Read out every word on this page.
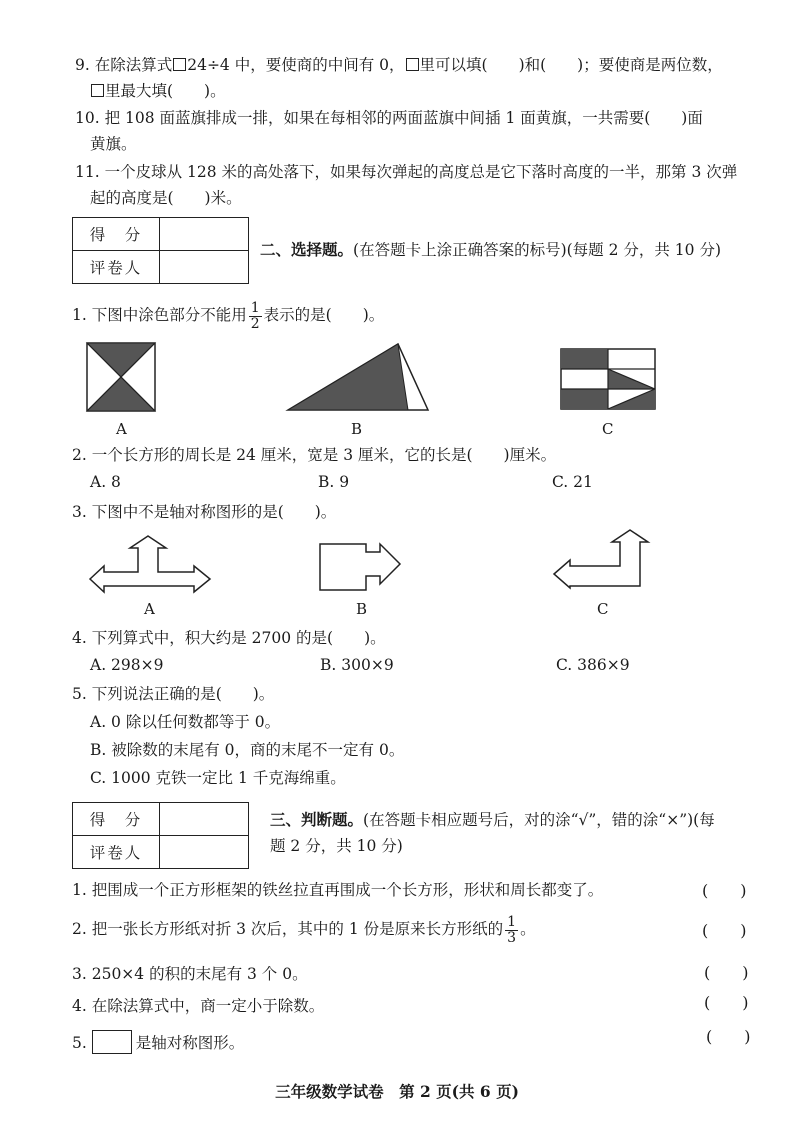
9. 在除法算式 24÷4 中，要使商的中间有 0， 里可以填(　　)和(　　)；要使商是两位数，
里最大填(　　)。
10. 把 108 面蓝旗排成一排，如果在每相邻的两面蓝旗中间插 1 面黄旗，一共需要(　　)面
黄旗。
11. 一个皮球从 128 米的高处落下，如果每次弹起的高度总是它下落时高度的一半，那第 3 次弹
起的高度是(　　)米。
得　分	
评卷人	
二、选择题。(在答题卡上涂正确答案的标号)(每题 2 分，共 10 分)
1. 下图中涂色部分不能用 $\frac{1}{2}$ 表示的是(　　)。
A	B	C
2. 一个长方形的周长是 24 厘米，宽是 3 厘米，它的长是(　　)厘米。
A. 8	B. 9	C. 21
3. 下图中不是轴对称图形的是(　　)。
A	B	C
4. 下列算式中，积大约是 2700 的是(　　)。
A. 298×9	B. 300×9	C. 386×9
5. 下列说法正确的是(　　)。
A. 0 除以任何数都等于 0。
B. 被除数的末尾有 0，商的末尾不一定有 0。
C. 1000 克铁一定比 1 千克海绵重。
得　分	
评卷人	
三、判断题。(在答题卡相应题号后，对的涂“√”，错的涂“×”)(每
题 2 分，共 10 分)
1. 把围成一个正方形框架的铁丝拉直再围成一个长方形，形状和周长都变了。	(　　)
2. 把一张长方形纸对折 3 次后，其中的 1 份是原来长方形纸的 $\frac{1}{3}$ 。	(　　)
3. 250×4 的积的末尾有 3 个 0。	(　　)
4. 在除法算式中，商一定小于除数。	(　　)
5.	是轴对称图形。	(　　)
三年级数学试卷　第 2 页(共 6 页)
